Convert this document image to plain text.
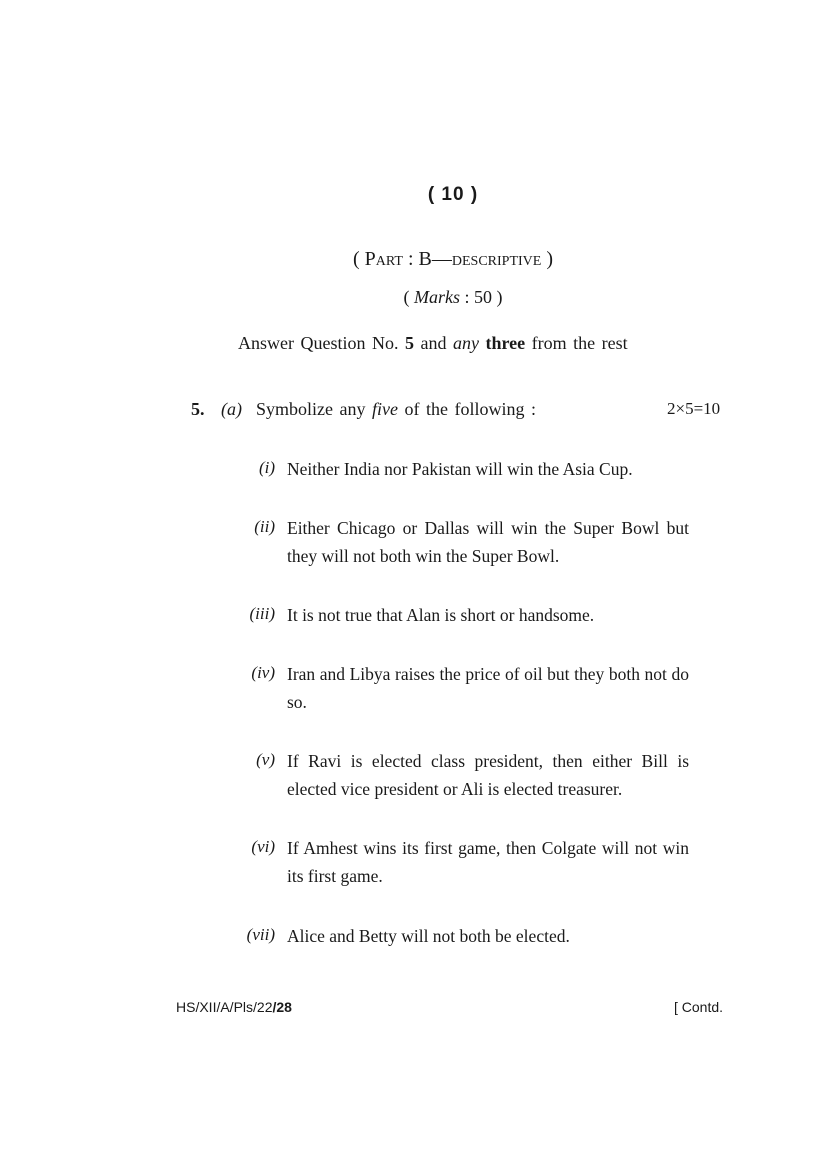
( 10 )
( Part : B—descriptive )
( Marks : 50 )
Answer Question No. 5 and any three from the rest
5. (a) Symbolize any five of the following :	2×5=10
(i) Neither India nor Pakistan will win the Asia Cup.
(ii) Either Chicago or Dallas will win the Super Bowl but they will not both win the Super Bowl.
(iii) It is not true that Alan is short or handsome.
(iv) Iran and Libya raises the price of oil but they both not do so.
(v) If Ravi is elected class president, then either Bill is elected vice president or Ali is elected treasurer.
(vi) If Amhest wins its first game, then Colgate will not win its first game.
(vii) Alice and Betty will not both be elected.
HS/XII/A/Pls/22/28	[ Contd.
